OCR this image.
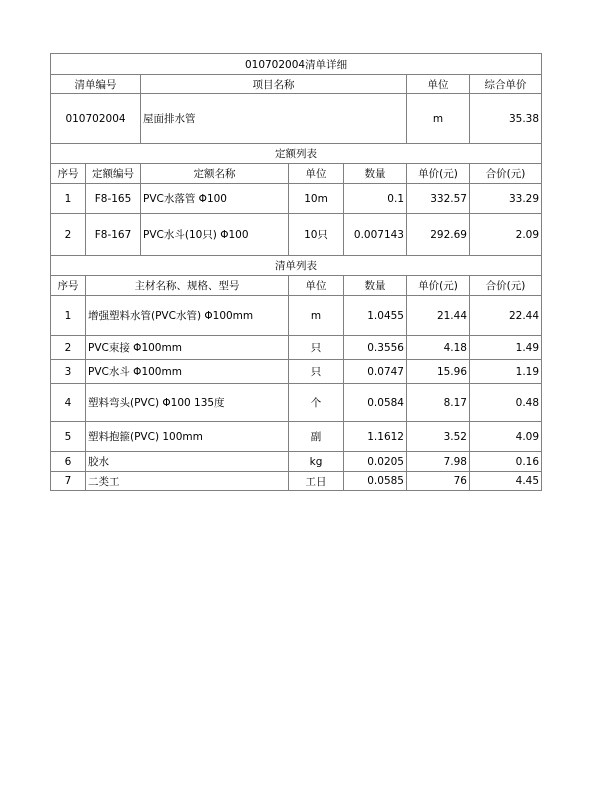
010702004清单详细						
清单编号		项目名称			单位	综合单价
010702004		屋面排水管			m	35.38
定额列表						
序号	定额编号	定额名称	单位	数量	单价(元)	合价(元)
1	F8-165	PVC水落管 Φ100	10m	0.1	332.57	33.29
2	F8-167	PVC水斗(10只) Φ100	10只	0.007143	292.69	2.09
清单列表						
序号	主材名称、规格、型号		单位	数量	单价(元)	合价(元)
1	增强塑料水管(PVC水管) Φ100mm		m	1.0455	21.44	22.44
2	PVC束接 Φ100mm		只	0.3556	4.18	1.49
3	PVC水斗 Φ100mm		只	0.0747	15.96	1.19
4	塑料弯头(PVC) Φ100 135度		个	0.0584	8.17	0.48
5	塑料抱箍(PVC) 100mm		副	1.1612	3.52	4.09
6	胶水		kg	0.0205	7.98	0.16
7	二类工		工日	0.0585	76	4.45
